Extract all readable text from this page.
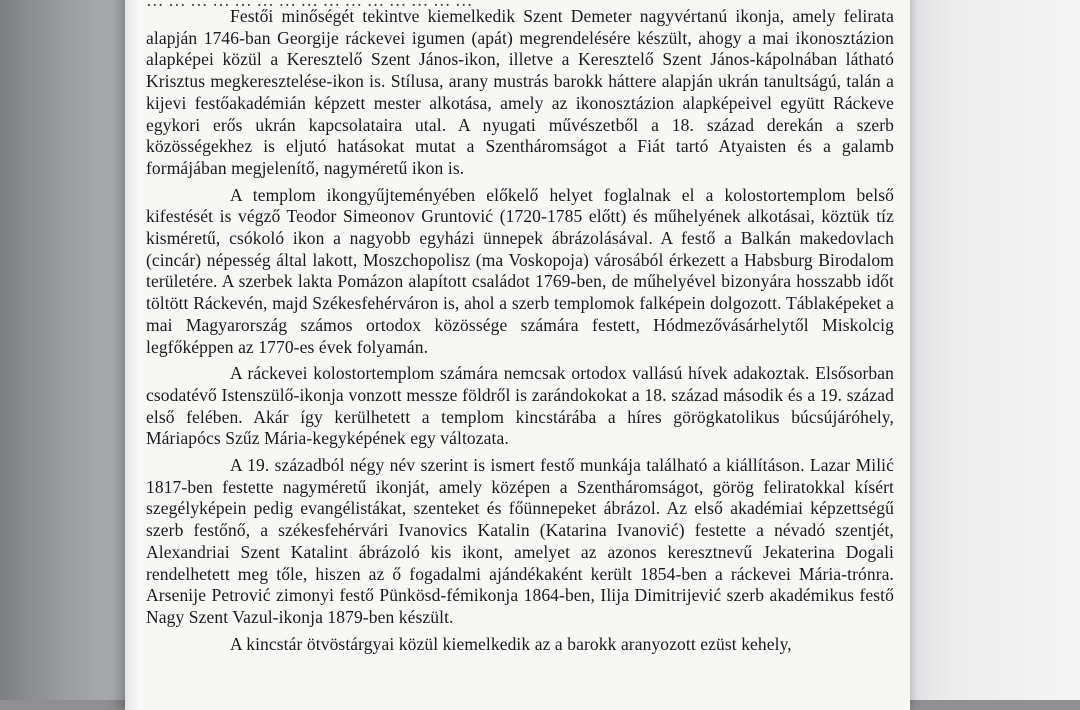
… … … … … … … … … … … … … … …

Festői minőségét tekintve kiemelkedik Szent Demeter nagyvértanú ikonja, amely felirata alapján 1746-ban Georgije ráckevei igumen (apát) megrendelésére készült, ahogy a mai ikonosztázion alapképei közül a Keresztelő Szent János-ikon, illetve a Keresztelő Szent János-kápolnában látható Krisztus megkeresztelése-ikon is. Stílusa, arany mustrás barokk háttere alapján ukrán tanultságú, talán a kijevi festőakadémián képzett mester alkotása, amely az ikonosztázion alapképeivel együtt Ráckeve egykori erős ukrán kapcsolataira utal. A nyugati művészetből a 18. század derekán a szerb közösségekhez is eljutó hatásokat mutat a Szentháromságot a Fiát tartó Atyaisten és a galamb formájában megjelenítő, nagyméretű ikon is.

A templom ikongyűjteményében előkelő helyet foglalnak el a kolostortemplom belső kifestését is végző Teodor Simeonov Gruntović (1720-1785 előtt) és műhelyének alkotásai, köztük tíz kisméretű, csókoló ikon a nagyobb egyházi ünnepek ábrázolásával. A festő a Balkán makedovlach (cincár) népesség által lakott, Moszchopolisz (ma Voskopoja) városából érkezett a Habsburg Birodalom területére. A szerbek lakta Pomázon alapított családot 1769-ben, de műhelyével bizonyára hosszabb időt töltött Ráckevén, majd Székesfehérváron is, ahol a szerb templomok falképein dolgozott. Táblaképeket a mai Magyarország számos ortodox közössége számára festett, Hódmezővásárhelytől Miskolcig legfőképpen az 1770-es évek folyamán.

A ráckevei kolostortemplom számára nemcsak ortodox vallású hívek adakoztak. Elsősorban csodatévő Istenszülő-ikonja vonzott messze földről is zarándokokat a 18. század második és a 19. század első felében. Akár így kerülhetett a templom kincstárába a híres görögkatolikus búcsújáróhely, Máriapócs Szűz Mária-kegyképének egy változata.

A 19. századból négy név szerint is ismert festő munkája található a kiállításon. Lazar Milić 1817-ben festette nagyméretű ikonját, amely középen a Szentháromságot, görög feliratokkal kísért szegélyképein pedig evangélistákat, szenteket és főünnepeket ábrázol. Az első akadémiai képzettségű szerb festőnő, a székesfehérvári Ivanovics Katalin (Katarina Ivanović) festette a névadó szentjét, Alexandriai Szent Katalint ábrázoló kis ikont, amelyet az azonos keresztnevű Jekaterina Dogali rendelhetett meg tőle, hiszen az ő fogadalmi ajándékaként került 1854-ben a ráckevei Mária-trónra. Arsenije Petrović zimonyi festő Pünkösd-fémikonja 1864-ben, Ilija Dimitrijević szerb akadémikus festő Nagy Szent Vazul-ikonja 1879-ben készült.

A kincstár ötvöstárgyai közül kiemelkedik az a barokk aranyozott ezüst kehely,
